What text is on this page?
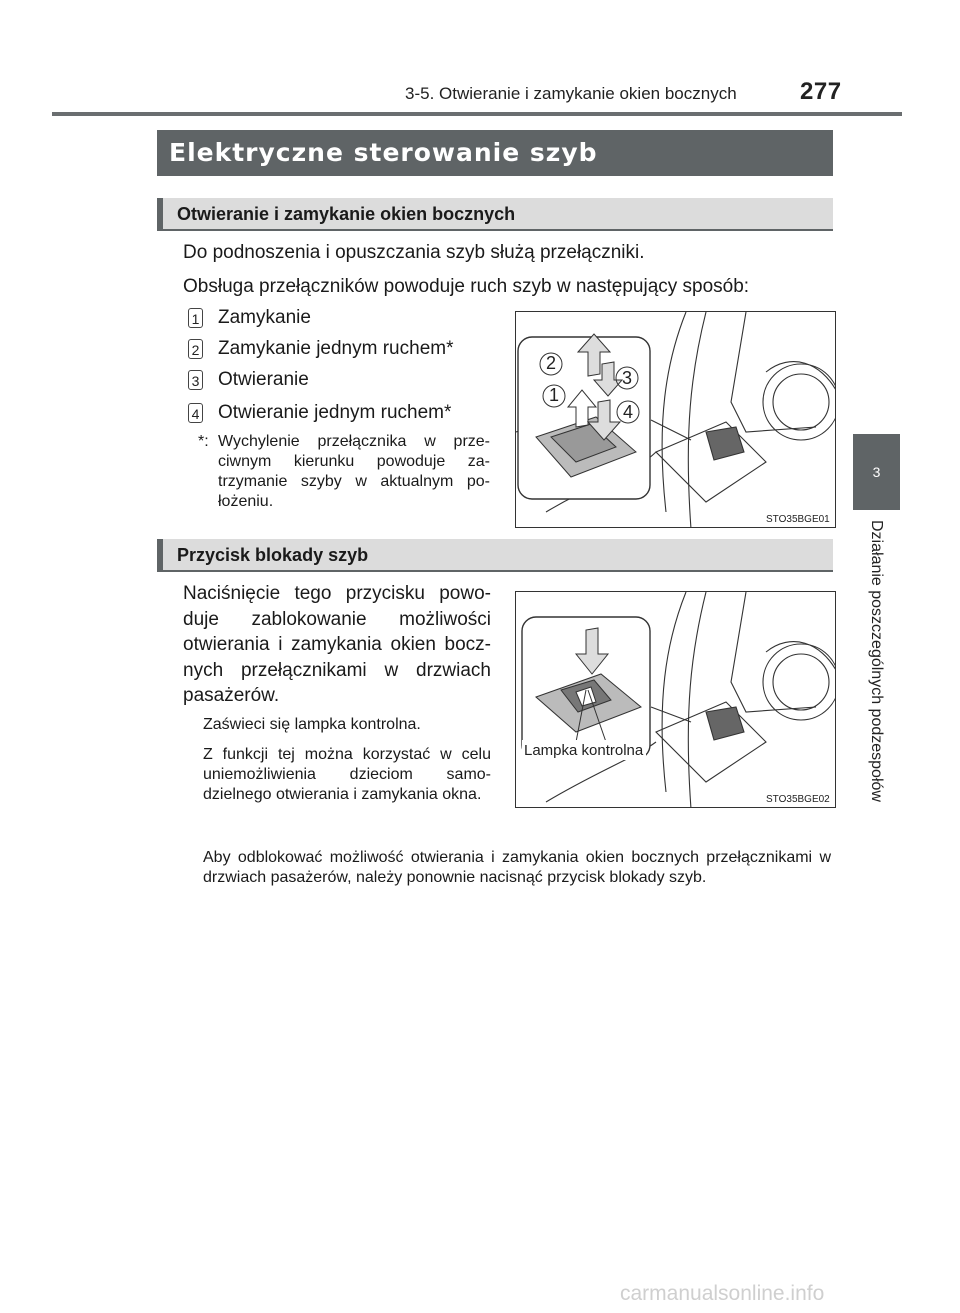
3-5. Otwieranie i zamykanie okien bocznych	277
3
Działanie poszczególnych podzespołów
Elektryczne sterowanie szyb
Otwieranie i zamykanie okien bocznych
Do podnoszenia i opuszczania szyb służą przełączniki.
Obsługa przełączników powoduje ruch szyb w następujący sposób:
1 Zamykanie
2 Zamykanie jednym ruchem*
3 Otwieranie
4 Otwieranie jednym ruchem*
*: Wychylenie przełącznika w przeciwnym kierunku powoduje zatrzymanie szyby w aktualnym położeniu.
2
3
1
4
STO35BGE01
Przycisk blokady szyb
Naciśnięcie tego przycisku powoduje zablokowanie możliwości otwierania i zamykania okien bocznych przełącznikami w drzwiach pasażerów.
Zaświeci się lampka kontrolna.
Z funkcji tej można korzystać w celu uniemożliwienia dzieciom samodzielnego otwierania i zamykania okna.
Lampka kontrolna
STO35BGE02
Aby odblokować możliwość otwierania i zamykania okien bocznych przełącznikami w drzwiach pasażerów, należy ponownie nacisnąć przycisk blokady szyb.
carmanualsonline.info
